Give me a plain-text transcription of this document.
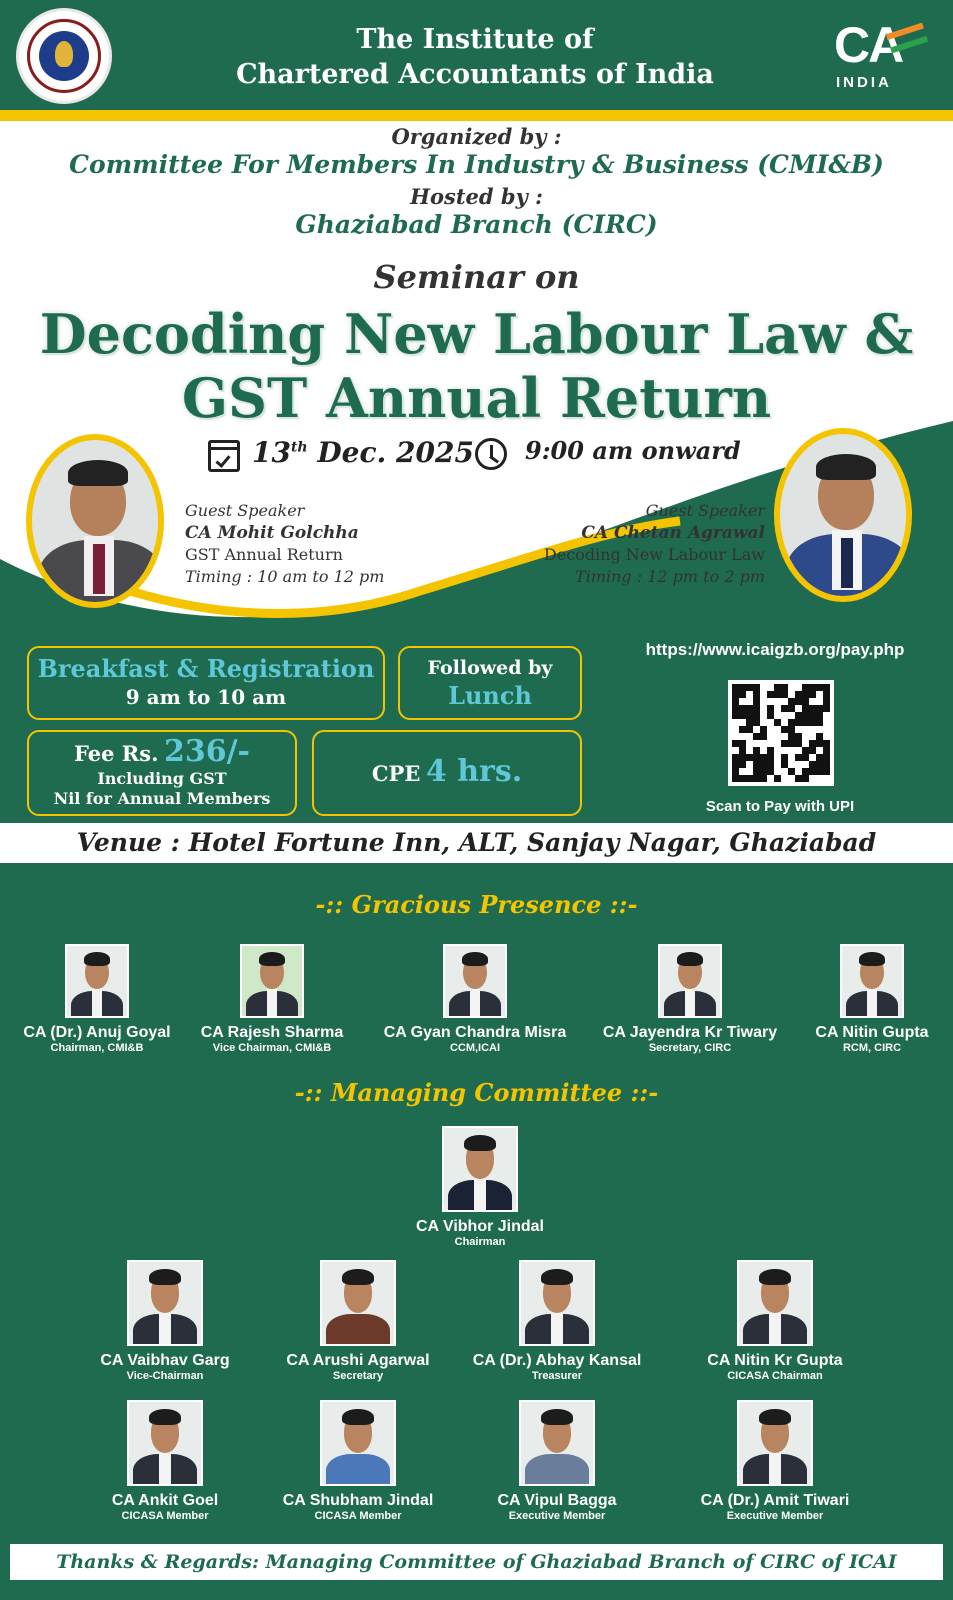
The Institute of
Chartered Accountants of India
CA
INDIA
Organized by :
Committee For Members In Industry & Business (CMI&B)
Hosted by :
Ghaziabad Branch (CIRC)
Seminar on
Decoding New Labour Law &
GST Annual Return
13th Dec. 2025 9:00 am onward
Guest Speaker
CA Mohit Golchha
GST Annual Return
Timing : 10 am to 12 pm
Guest Speaker
CA Chetan Agrawal
Decoding New Labour Law
Timing : 12 pm to 2 pm
Breakfast & Registration
9 am to 10 am
Followed by
Lunch
Fee Rs. 236/-
Including GST
Nil for Annual Members
CPE 4 hrs.
https://www.icaigzb.org/pay.php
Scan to Pay with UPI
Venue : Hotel Fortune Inn, ALT, Sanjay Nagar, Ghaziabad
-:: Gracious Presence ::-
CA (Dr.) Anuj Goyal
Chairman, CMI&B
CA Rajesh Sharma
Vice Chairman, CMI&B
CA Gyan Chandra Misra
CCM,ICAI
CA Jayendra Kr Tiwary
Secretary, CIRC
CA Nitin Gupta
RCM, CIRC
-:: Managing Committee ::-
CA Vibhor Jindal
Chairman
CA Vaibhav Garg
Vice-Chairman
CA Arushi Agarwal
Secretary
CA (Dr.) Abhay Kansal
Treasurer
CA Nitin Kr Gupta
CICASA Chairman
CA Ankit Goel
CICASA Member
CA Shubham Jindal
CICASA Member
CA Vipul Bagga
Executive Member
CA (Dr.) Amit Tiwari
Executive Member
Thanks & Regards: Managing Committee of Ghaziabad Branch of CIRC of ICAI
